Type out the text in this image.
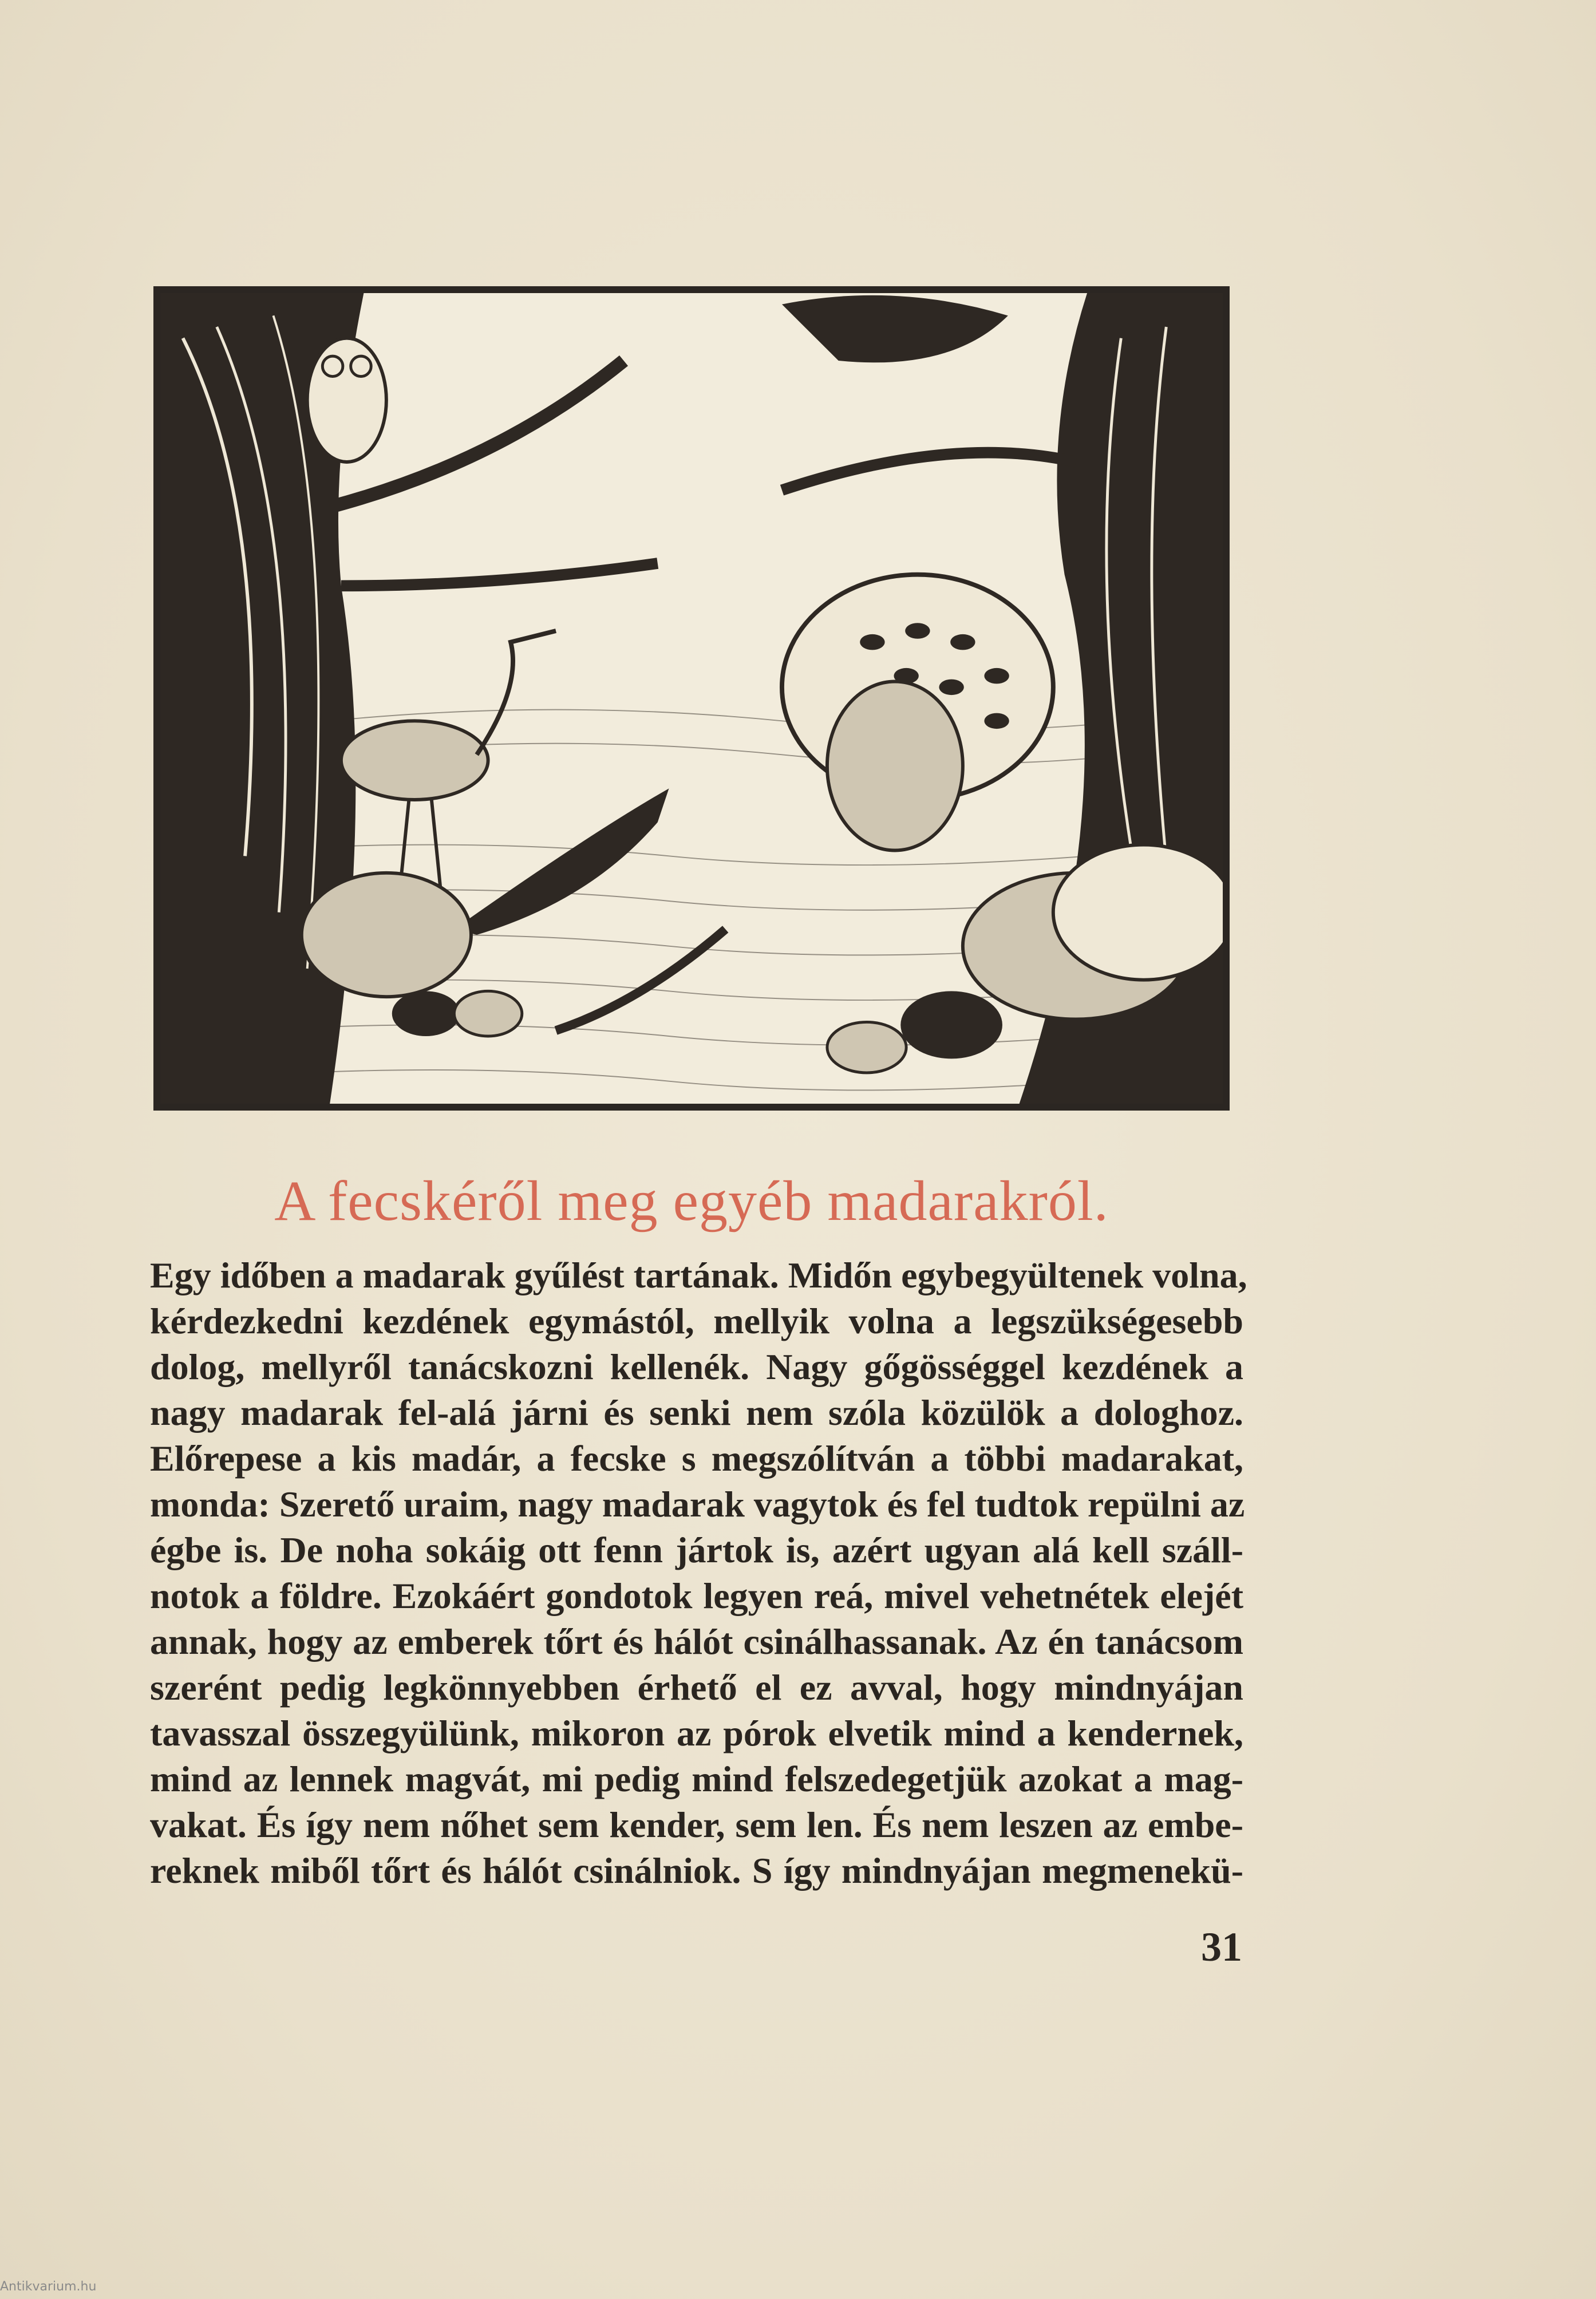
A fecskéről meg egyéb madarakról.
Egy időben a madarak gyűlést tartának. Midőn egybegyültenek volna,
kérdezkedni kezdének egymástól, mellyik volna a legszükségesebb
dolog, mellyről tanácskozni kellenék. Nagy gőgösséggel kezdének a
nagy madarak fel-alá járni és senki nem szóla közülök a dologhoz.
Előrepese a kis madár, a fecske s megszólítván a többi madarakat,
monda: Szerető uraim, nagy madarak vagytok és fel tudtok repülni az
égbe is. De noha sokáig ott fenn jártok is, azért ugyan alá kell száll-
notok a földre. Ezokáért gondotok legyen reá, mivel vehetnétek elejét
annak, hogy az emberek tőrt és hálót csinálhassanak. Az én tanácsom
szerént pedig legkönnyebben érhető el ez avval, hogy mindnyájan
tavasszal összegyülünk, mikoron az pórok elvetik mind a kendernek,
mind az lennek magvát, mi pedig mind felszedegetjük azokat a mag-
vakat. És így nem nőhet sem kender, sem len. És nem leszen az embe-
reknek miből tőrt és hálót csinálniok. S így mindnyájan megmenekü-
31
Antikvarium.hu
